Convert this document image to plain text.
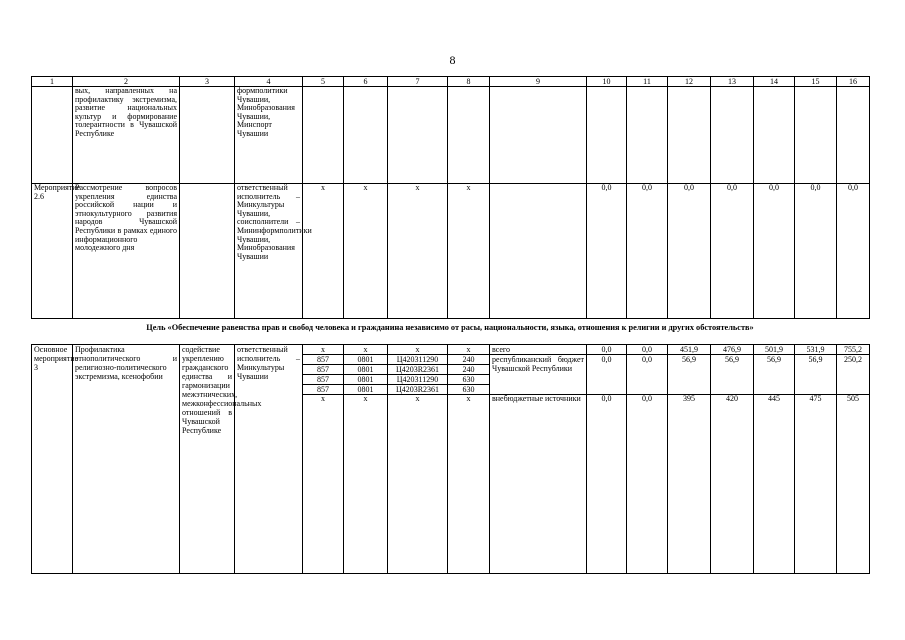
8
1	2	3	4	5	6	7	8	9	10	11	12	13	14	15	16
	вых, направленных на профилактику экстремизма, развитие национальных культур и формирование толерантности в Чувашской Республике		формполитики Чувашии, Минобразования Чувашии, Минспорт Чувашии												
Мероприятие 2.6	Рассмотрение вопросов укрепления единства российской нации и этнокультурного развития народов Чувашской Республики в рамках единого информационного молодежного дня		ответственный исполнитель – Минкультуры Чувашии, соисполнители – Мининформполитики Чувашии, Минобразования Чувашии	x	x	x	x		0,0	0,0	0,0	0,0	0,0	0,0	0,0
Цель «Обеспечение равенства прав и свобод человека и гражданина независимо от расы, национальности, языка, отношения к религии и других обстоятельств»
Основное мероприятие 3	Профилактика этнополитического и религиозно-политического экстремизма, ксенофобии	содействие укреплению гражданского единства и гармонизации межэтнических, межконфессиональных отношений в Чувашской Республике	ответственный исполнитель – Минкультуры Чувашии	x	x	x	x	всего	0,0	0,0	451,9	476,9	501,9	531,9	755,2
				857	0801	Ц420311290	240	республиканский бюджет Чувашской Республики	0,0	0,0	56,9	56,9	56,9	56,9	250,2
				857	0801	Ц4203R2361	240								
				857	0801	Ц420311290	630								
				857	0801	Ц4203R2361	630								
				x	x	x	x	внебюджетные источники	0,0	0,0	395	420	445	475	505
